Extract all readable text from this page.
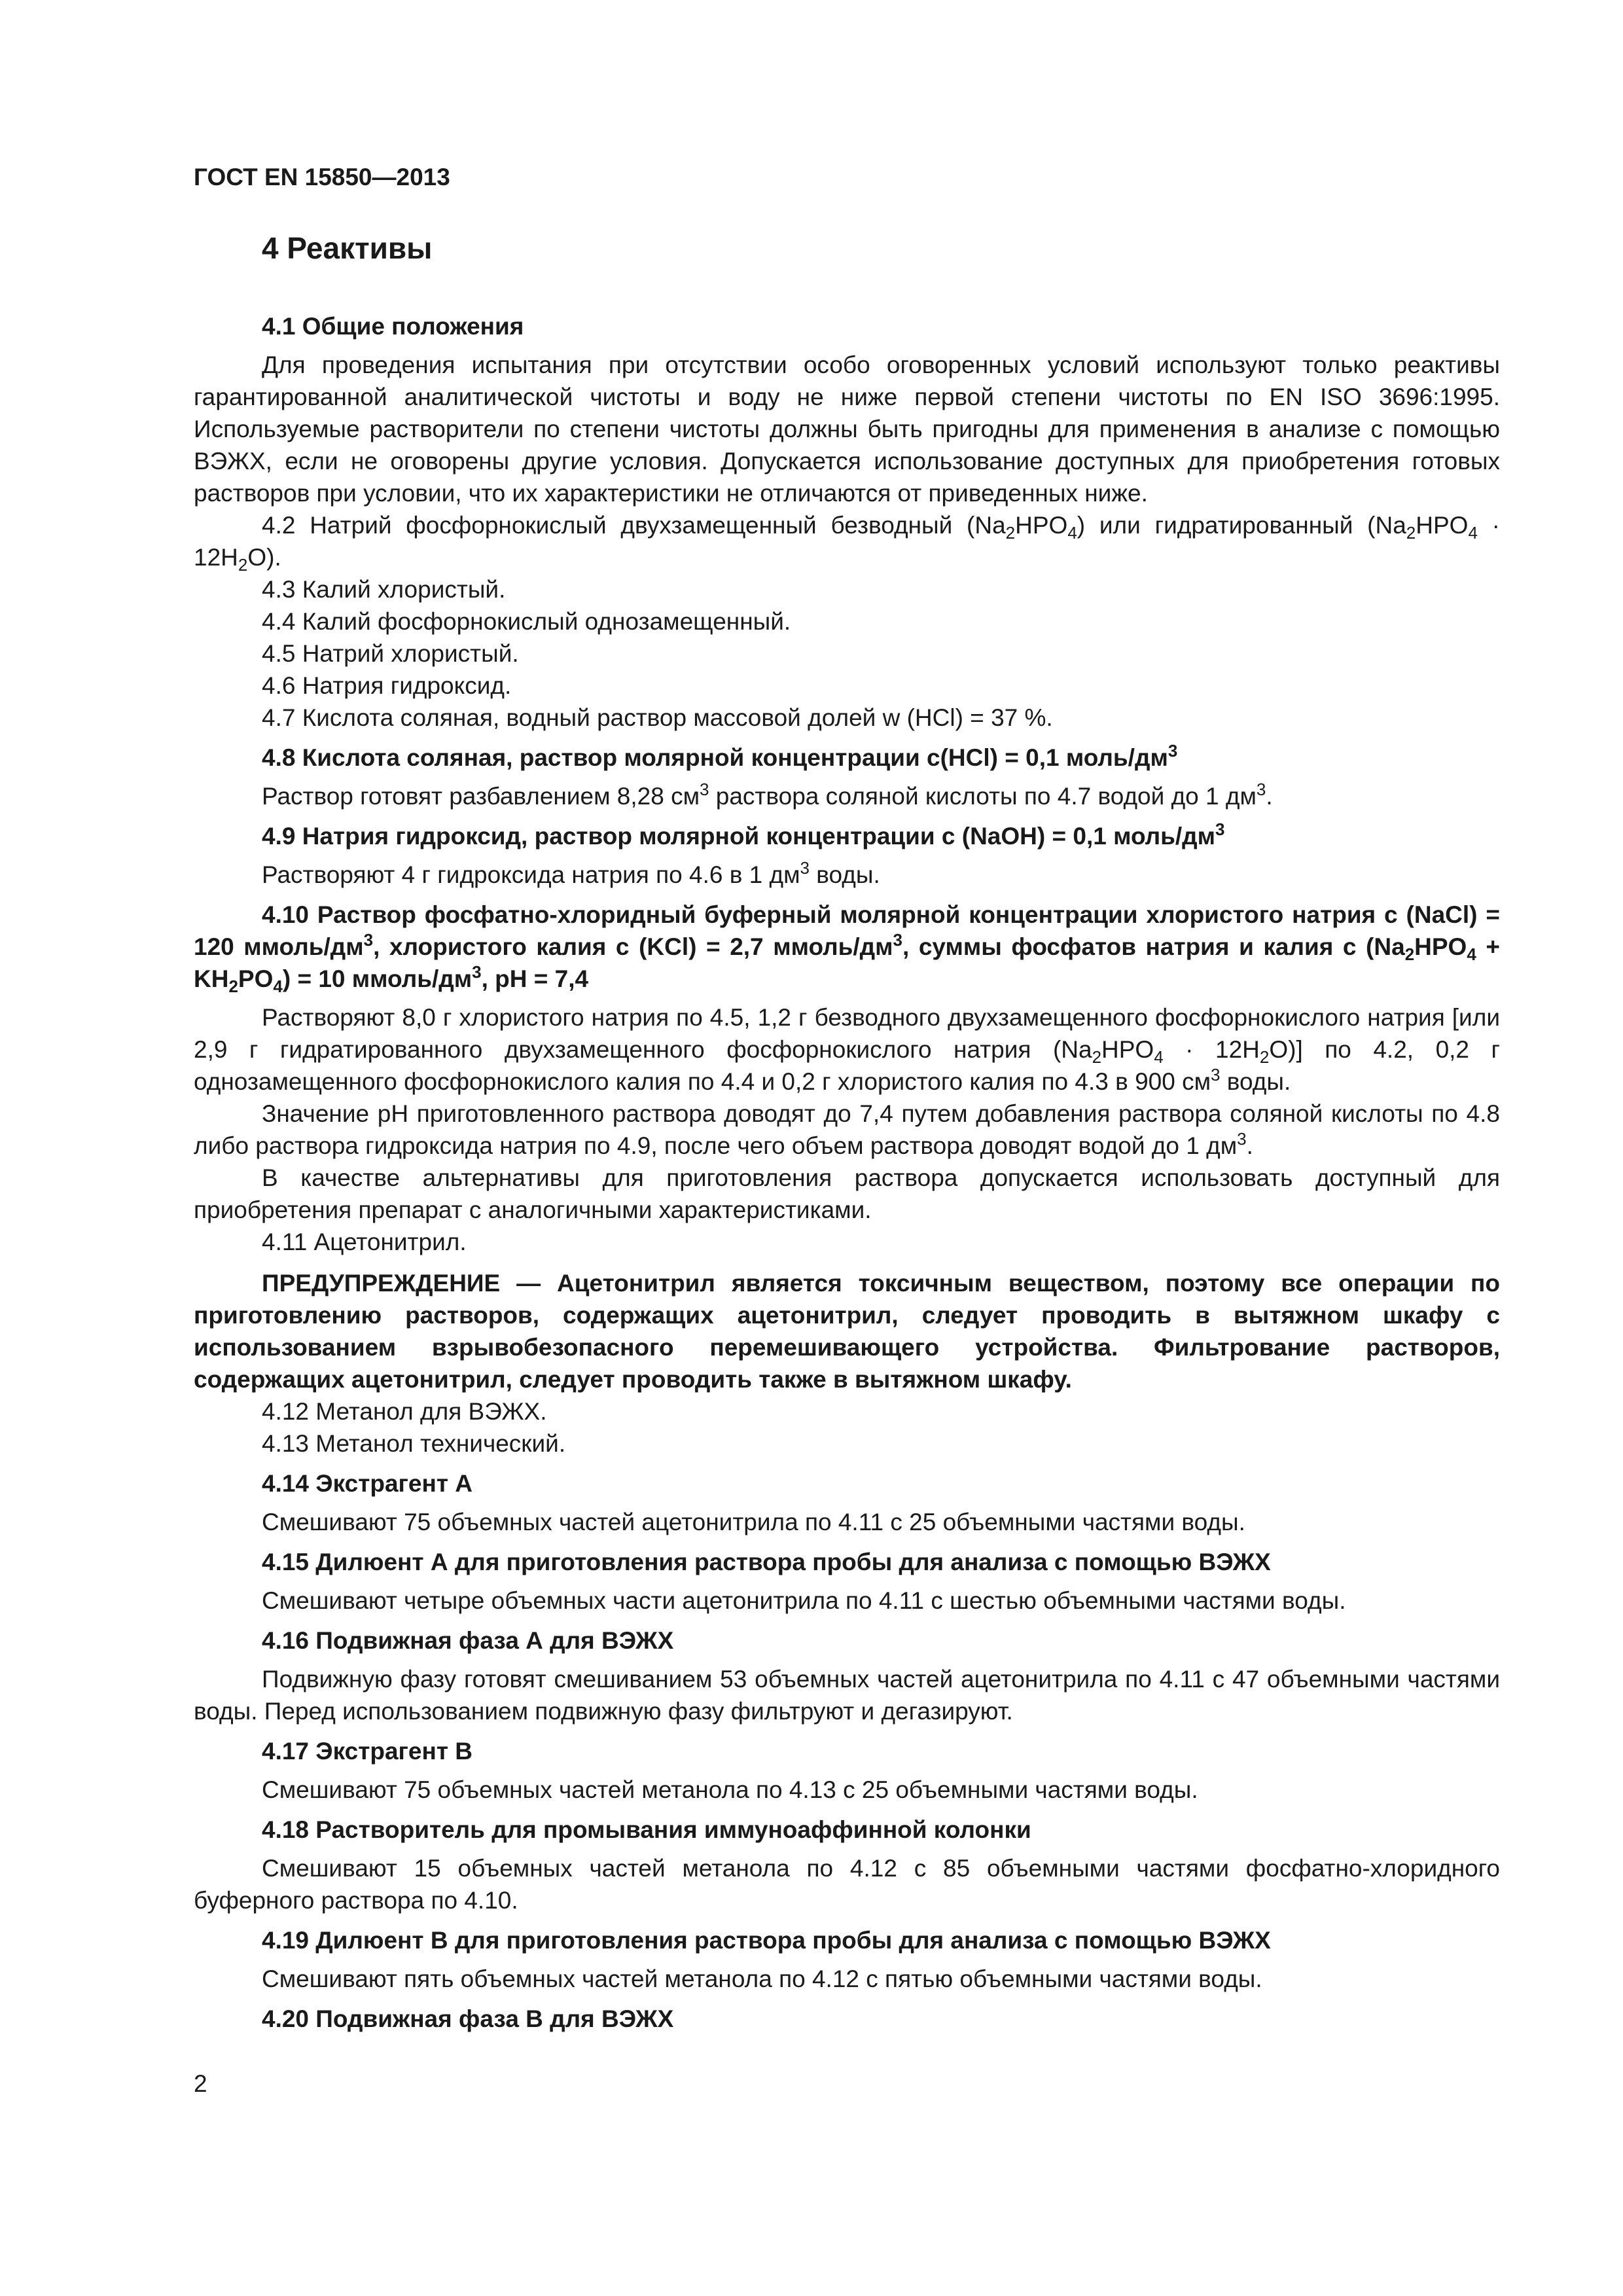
ГОСТ EN 15850—2013

4 Реактивы

4.1 Общие положения

Для проведения испытания при отсутствии особо оговоренных условий используют только реактивы гарантированной аналитической чистоты и воду не ниже первой степени чистоты по EN ISO 3696:1995. Используемые растворители по степени чистоты должны быть пригодны для применения в анализе с помощью ВЭЖХ, если не оговорены другие условия. Допускается использование доступных для приобретения готовых растворов при условии, что их характеристики не отличаются от приведенных ниже.

4.2 Натрий фосфорнокислый двухзамещенный безводный $(Na_2HPO_4)$ или гидратированный $(Na_2HPO_4 \cdot 12H_2O)$.

4.3 Калий хлористый.

4.4 Калий фосфорнокислый однозамещенный.

4.5 Натрий хлористый.

4.6 Натрия гидроксид.

4.7 Кислота соляная, водный раствор массовой долей w (HCl) = 37 %.

4.8 Кислота соляная, раствор молярной концентрации c(HCl) = 0,1 моль/$дм^3$

Раствор готовят разбавлением 8,28 $см^3$ раствора соляной кислоты по 4.7 водой до 1 $дм^3$.

4.9 Натрия гидроксид, раствор молярной концентрации c (NaOH) = 0,1 моль/$дм^3$

Растворяют 4 г гидроксида натрия по 4.6 в 1 $дм^3$ воды.

4.10 Раствор фосфатно-хлоридный буферный молярной концентрации хлористого натрия c (NaCl) = 120 ммоль/$дм^3$, хлористого калия c (KCl) = 2,7 ммоль/$дм^3$, суммы фосфатов натрия и калия c $(Na_2HPO_4 + KH_2PO_4) = 10$ ммоль/$дм^3$, pH = 7,4

Растворяют 8,0 г хлористого натрия по 4.5, 1,2 г безводного двухзамещенного фосфорнокислого натрия [или 2,9 г гидратированного двухзамещенного фосфорнокислого натрия $(Na_2HPO_4 \cdot 12H_2O)$] по 4.2, 0,2 г однозамещенного фосфорнокислого калия по 4.4 и 0,2 г хлористого калия по 4.3 в 900 $см^3$ воды.

Значение pH приготовленного раствора доводят до 7,4 путем добавления раствора соляной кислоты по 4.8 либо раствора гидроксида натрия по 4.9, после чего объем раствора доводят водой до 1 $дм^3$.

В качестве альтернативы для приготовления раствора допускается использовать доступный для приобретения препарат с аналогичными характеристиками.

4.11 Ацетонитрил.

ПРЕДУПРЕЖДЕНИЕ — Ацетонитрил является токсичным веществом, поэтому все операции по приготовлению растворов, содержащих ацетонитрил, следует проводить в вытяжном шкафу с использованием взрывобезопасного перемешивающего устройства. Фильтрование растворов, содержащих ацетонитрил, следует проводить также в вытяжном шкафу.

4.12 Метанол для ВЭЖХ.

4.13 Метанол технический.

4.14 Экстрагент А

Смешивают 75 объемных частей ацетонитрила по 4.11 с 25 объемными частями воды.

4.15 Дилюент А для приготовления раствора пробы для анализа с помощью ВЭЖХ

Смешивают четыре объемных части ацетонитрила по 4.11 с шестью объемными частями воды.

4.16 Подвижная фаза А для ВЭЖХ

Подвижную фазу готовят смешиванием 53 объемных частей ацетонитрила по 4.11 с 47 объемными частями воды. Перед использованием подвижную фазу фильтруют и дегазируют.

4.17 Экстрагент В

Смешивают 75 объемных частей метанола по 4.13 с 25 объемными частями воды.

4.18 Растворитель для промывания иммуноаффинной колонки

Смешивают 15 объемных частей метанола по 4.12 с 85 объемными частями фосфатно-хлоридного буферного раствора по 4.10.

4.19 Дилюент В для приготовления раствора пробы для анализа с помощью ВЭЖХ

Смешивают пять объемных частей метанола по 4.12 с пятью объемными частями воды.

4.20 Подвижная фаза В для ВЭЖХ

2
